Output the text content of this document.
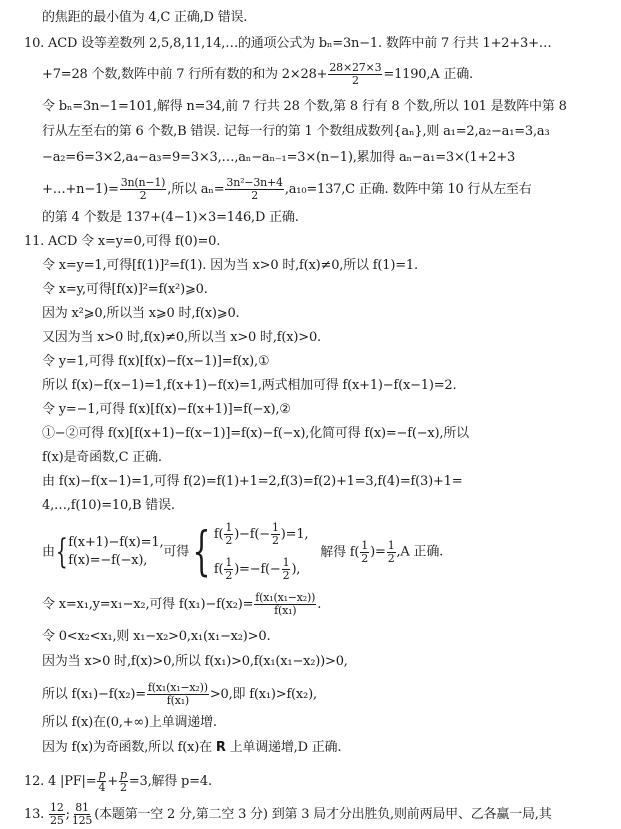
的焦距的最小值为 4,C 正确,D 错误.
10. ACD 设等差数列 2,5,8,11,14,…的通项公式为 bₙ=3n−1. 数阵中前 7 行共 1+2+3+…
+7=28 个数,数阵中前 7 行所有数的和为 $2\times 28+ \frac{28\times 27\times 3}{2} =1190,A$ 正确.
令 bₙ=3n−1=101,解得 n=34,前 7 行共 28 个数,第 8 行有 8 个数,所以 101 是数阵中第 8
行从左至右的第 6 个数,B 错误. 记每一行的第 1 个数组成数列{aₙ},则 a₁=2,a₂−a₁=3,a₃
−a₂=6=3×2,a₄−a₃=9=3×3,…,aₙ−aₙ₋₁=3×(n−1),累加得 aₙ−a₁=3×(1+2+3
+…+n−1)= $\frac{3n(n-1)}{2}$ ,所以 $a_n= \frac{\text{3n²−3n+4}}{2} ,a_{10}=137,C$ 正确. 数阵中第 10 行从左至右
的第 4 个数是 137+(4−1)×3=146,D 正确.
11. ACD 令 x=y=0,可得 f(0)=0.
令 x=y=1,可得[f(1)]²=f(1). 因为当 x>0 时,f(x)≠0,所以 f(1)=1.
令 x=y,可得[f(x)]²=f(x²)⩾0.
因为 x²⩾0,所以当 x⩾0 时,f(x)⩾0.
又因为当 x>0 时,f(x)≠0,所以当 x>0 时,f(x)>0.
令 y=1,可得 f(x)[f(x)−f(x−1)]=f(x),①
所以 f(x)−f(x−1)=1,f(x+1)−f(x)=1,两式相加可得 f(x+1)−f(x−1)=2.
令 y=−1,可得 f(x)[f(x)−f(x+1)]=f(−x),②
①−②可得 f(x)[f(x+1)−f(x−1)]=f(x)−f(−x),化简可得 f(x)=−f(−x),所以
f(x)是奇函数,C 正确.
由 f(x)−f(x−1)=1,可得 f(2)=f(1)+1=2,f(3)=f(2)+1=3,f(4)=f(3)+1=
4,…,f(10)=10,B 错误.
由{ f(x+1)−f(x)=1,
f(x)=−f(−x),
可得{ $f( \frac{1}{2} )-f(- \frac{1}{2} )=1$,
$f( \frac{1}{2} )=-f(- \frac{1}{2}$ ),
解得 $f( \frac{1}{2}$ )= $\frac{1}{2} ,A$ 正确.
令 x=x₁,y=x₁−x₂,可得 $f(x_1)-f(x_2)= \frac{\text{f(x₁(x₁−x₂))}}{\text{f(x₁)}}$ .
令 0<x₂<x₁,则 x₁−x₂>0,x₁(x₁−x₂)>0.
因为当 x>0 时,f(x)>0,所以 f(x₁)>0,f(x₁(x₁−x₂))>0,
所以 $f(x_1)-f(x_2)= \frac{\text{f(x₁(x₁−x₂))}}{\text{f(x₁)}} >0$,即 f(x₁)>f(x₂),
所以 f(x)在(0,+∞)上单调递增.
因为 f(x)为奇函数,所以 f(x)在 R 上单调递增,D 正确.
12. 4 $|PF|= \frac{p}{4} + \frac{p}{2} =3$,解得 p=4.
13. $\frac{12}{25}$ ; $\frac{81}{125}$ (本题第一空 2 分,第二空 3 分) 到第 3 局才分出胜负,则前两局甲、乙各赢一局,其
